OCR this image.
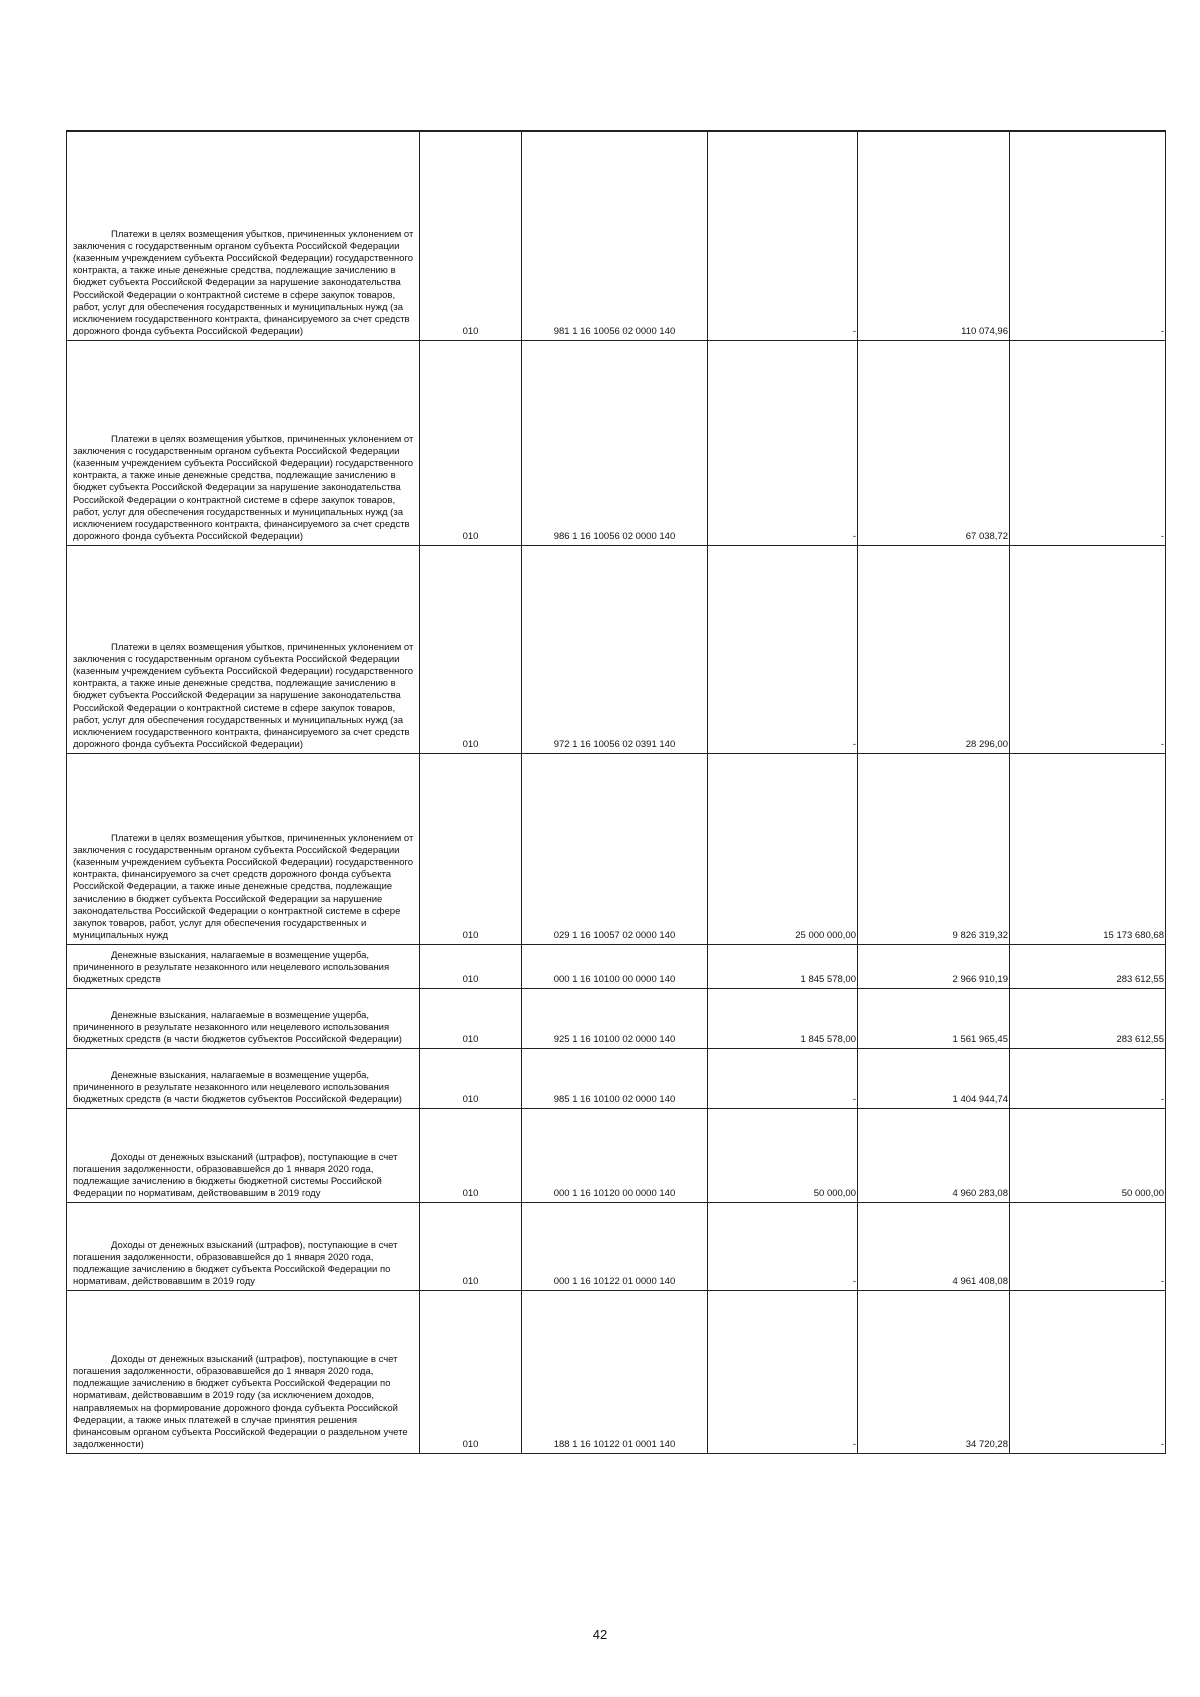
Платежи в целях возмещения убытков, причиненных уклонением от заключения с государственным органом субъекта Российской Федерации (казенным учреждением субъекта Российской Федерации) государственного контракта, а также иные денежные средства, подлежащие зачислению в бюджет субъекта Российской Федерации за нарушение законодательства Российской Федерации о контрактной системе в сфере закупок товаров, работ, услуг для обеспечения государственных и муниципальных нужд (за исключением государственного контракта, финансируемого за счет средств дорожного фонда субъекта Российской Федерации)	010	981 1 16 10056 02 0000 140	-	110 074,96	-

Платежи в целях возмещения убытков, причиненных уклонением от заключения с государственным органом субъекта Российской Федерации (казенным учреждением субъекта Российской Федерации) государственного контракта, а также иные денежные средства, подлежащие зачислению в бюджет субъекта Российской Федерации за нарушение законодательства Российской Федерации о контрактной системе в сфере закупок товаров, работ, услуг для обеспечения государственных и муниципальных нужд (за исключением государственного контракта, финансируемого за счет средств дорожного фонда субъекта Российской Федерации)	010	986 1 16 10056 02 0000 140	-	67 038,72	-

Платежи в целях возмещения убытков, причиненных уклонением от заключения с государственным органом субъекта Российской Федерации (казенным учреждением субъекта Российской Федерации) государственного контракта, а также иные денежные средства, подлежащие зачислению в бюджет субъекта Российской Федерации за нарушение законодательства Российской Федерации о контрактной системе в сфере закупок товаров, работ, услуг для обеспечения государственных и муниципальных нужд (за исключением государственного контракта, финансируемого за счет средств дорожного фонда субъекта Российской Федерации)	010	972 1 16 10056 02 0391 140	-	28 296,00	-

Платежи в целях возмещения убытков, причиненных уклонением от заключения с государственным органом субъекта Российской Федерации (казенным учреждением субъекта Российской Федерации) государственного контракта, финансируемого за счет средств дорожного фонда субъекта Российской Федерации, а также иные денежные средства, подлежащие зачислению в бюджет субъекта Российской Федерации за нарушение законодательства Российской Федерации о контрактной системе в сфере закупок товаров, работ, услуг для обеспечения государственных и муниципальных нужд	010	029 1 16 10057 02 0000 140	25 000 000,00	9 826 319,32	15 173 680,68

Денежные взыскания, налагаемые в возмещение ущерба, причиненного в результате незаконного или нецелевого использования бюджетных средств	010	000 1 16 10100 00 0000 140	1 845 578,00	2 966 910,19	283 612,55

Денежные взыскания, налагаемые в возмещение ущерба, причиненного в результате незаконного или нецелевого использования бюджетных средств (в части бюджетов субъектов Российской Федерации)	010	925 1 16 10100 02 0000 140	1 845 578,00	1 561 965,45	283 612,55

Денежные взыскания, налагаемые в возмещение ущерба, причиненного в результате незаконного или нецелевого использования бюджетных средств (в части бюджетов субъектов Российской Федерации)	010	985 1 16 10100 02 0000 140	-	1 404 944,74	-

Доходы от денежных взысканий (штрафов), поступающие в счет погашения задолженности, образовавшейся до 1 января 2020 года, подлежащие зачислению в бюджеты бюджетной системы Российской Федерации по нормативам, действовавшим в 2019 году	010	000 1 16 10120 00 0000 140	50 000,00	4 960 283,08	50 000,00

Доходы от денежных взысканий (штрафов), поступающие в счет погашения задолженности, образовавшейся до 1 января 2020 года, подлежащие зачислению в бюджет субъекта Российской Федерации по нормативам, действовавшим в 2019 году	010	000 1 16 10122 01 0000 140	-	4 961 408,08	-

Доходы от денежных взысканий (штрафов), поступающие в счет погашения задолженности, образовавшейся до 1 января 2020 года, подлежащие зачислению в бюджет субъекта Российской Федерации по нормативам, действовавшим в 2019 году (за исключением доходов, направляемых на формирование дорожного фонда субъекта Российской Федерации, а также иных платежей в случае принятия решения финансовым органом субъекта Российской Федерации о раздельном учете задолженности)	010	188 1 16 10122 01 0001 140	-	34 720,28	-
42
